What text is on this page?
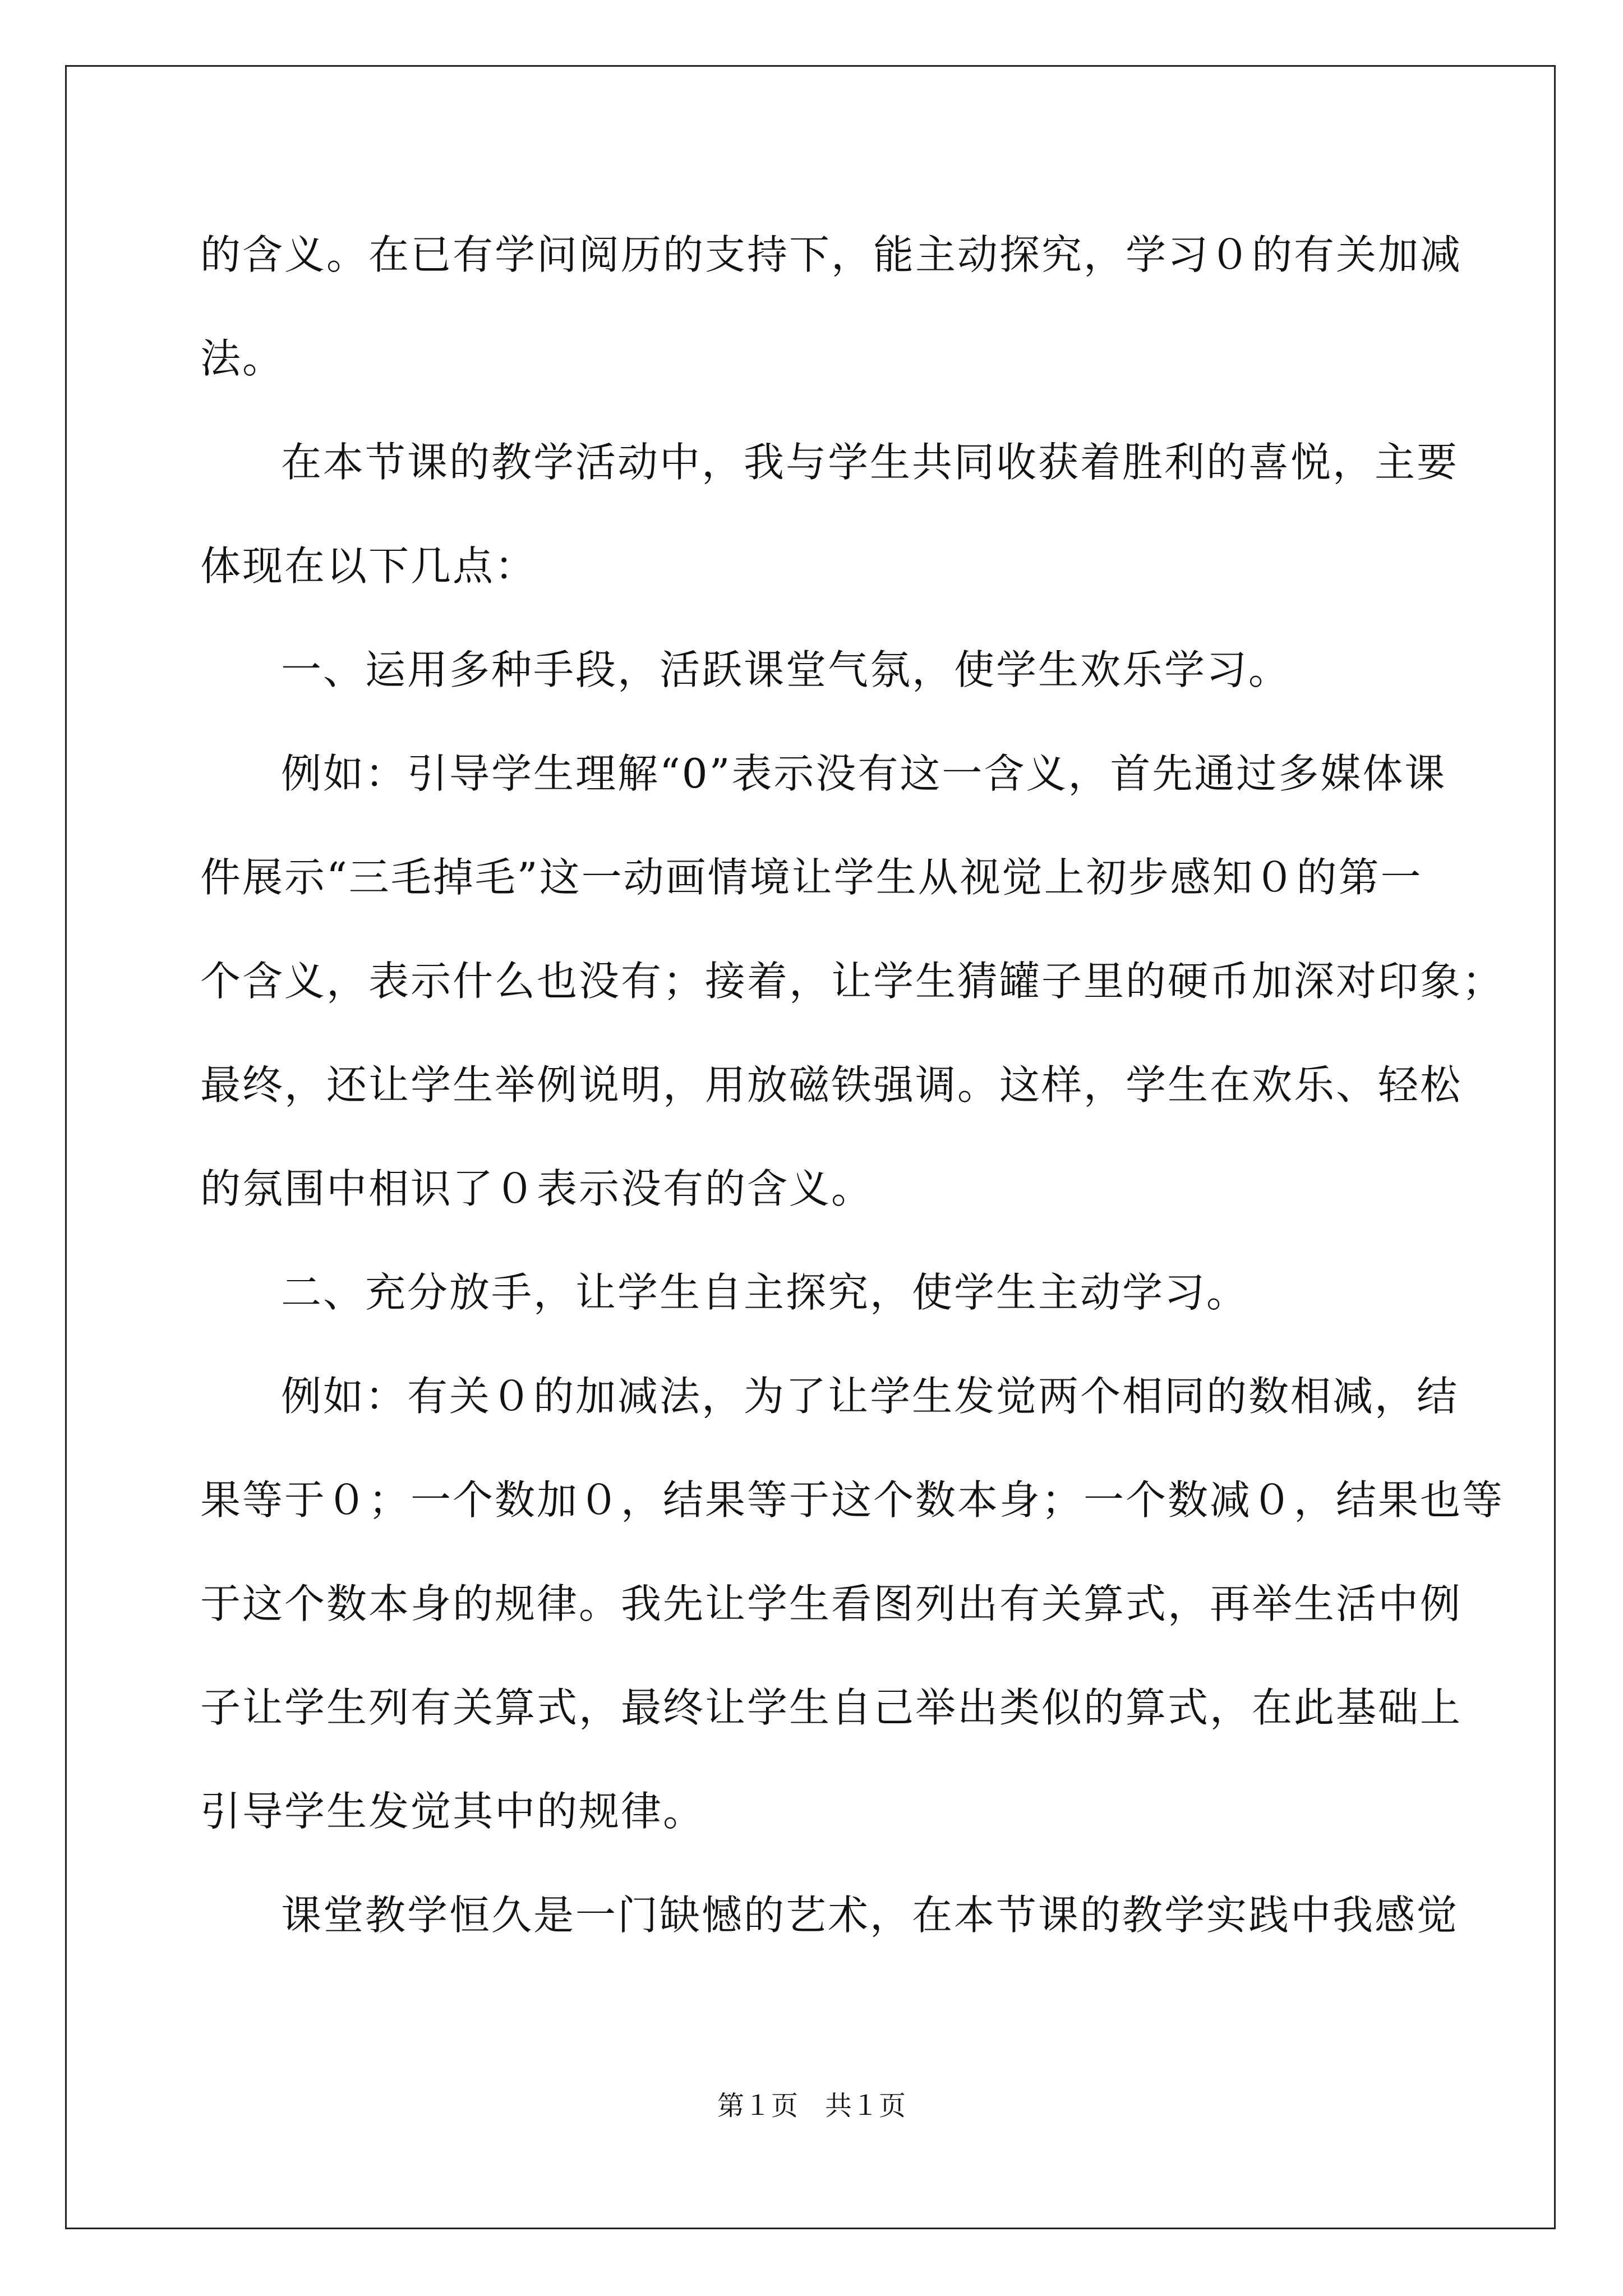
的含义。在已有学问阅历的支持下，能主动探究，学习０的有关加减
法。
在本节课的教学活动中，我与学生共同收获着胜利的喜悦，主要
体现在以下几点：
一、运用多种手段，活跃课堂气氛，使学生欢乐学习。
例如：引导学生理解“0”表示没有这一含义，首先通过多媒体课
件展示“三毛掉毛”这一动画情境让学生从视觉上初步感知０的第一
个含义，表示什么也没有；接着，让学生猜罐子里的硬币加深对印象；
最终，还让学生举例说明，用放磁铁强调。这样，学生在欢乐、轻松
的氛围中相识了０表示没有的含义。
二、充分放手，让学生自主探究，使学生主动学习。
例如：有关０的加减法，为了让学生发觉两个相同的数相减，结
果等于０；一个数加０，结果等于这个数本身；一个数减０，结果也等
于这个数本身的规律。我先让学生看图列出有关算式，再举生活中例
子让学生列有关算式，最终让学生自己举出类似的算式，在此基础上
引导学生发觉其中的规律。
课堂教学恒久是一门缺憾的艺术，在本节课的教学实践中我感觉
第１页 共１页
